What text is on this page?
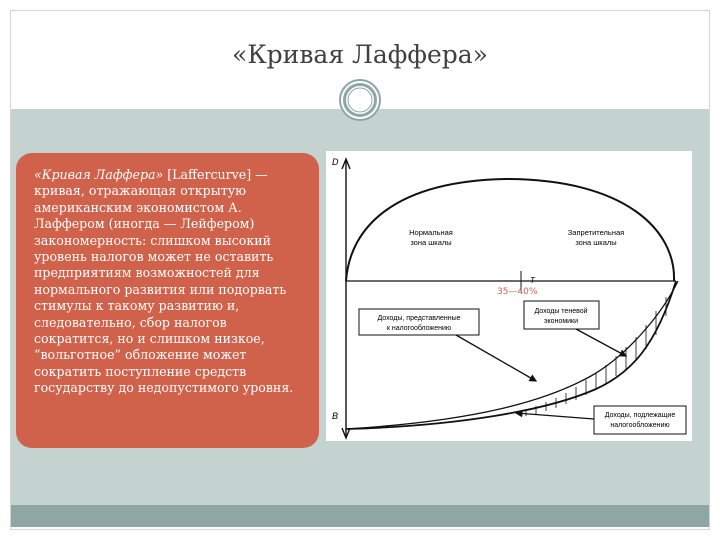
«Кривая Лаффера»
«Кривая Лаффера» [Laffercurve] — кривая, отражающая открытую американским экономистом А. Лаффером (иногда — Лейфером) закономерность: слишком высокий уровень налогов может не оставить предприятиям возможностей для нормального развития или подорвать стимулы к такому развитию и, следовательно, сбор налогов сократится, но и слишком низкое, “вольготное” обложение может сократить поступление средств государству до недопустимого уровня.
D
B
T
Нормальная
зона шкалы
Запретительная
зона шкалы
Доходы, представленные
к налогообложению
Доходы теневой
экономики
Доходы, подлежащие
налогообложению
35—40%
